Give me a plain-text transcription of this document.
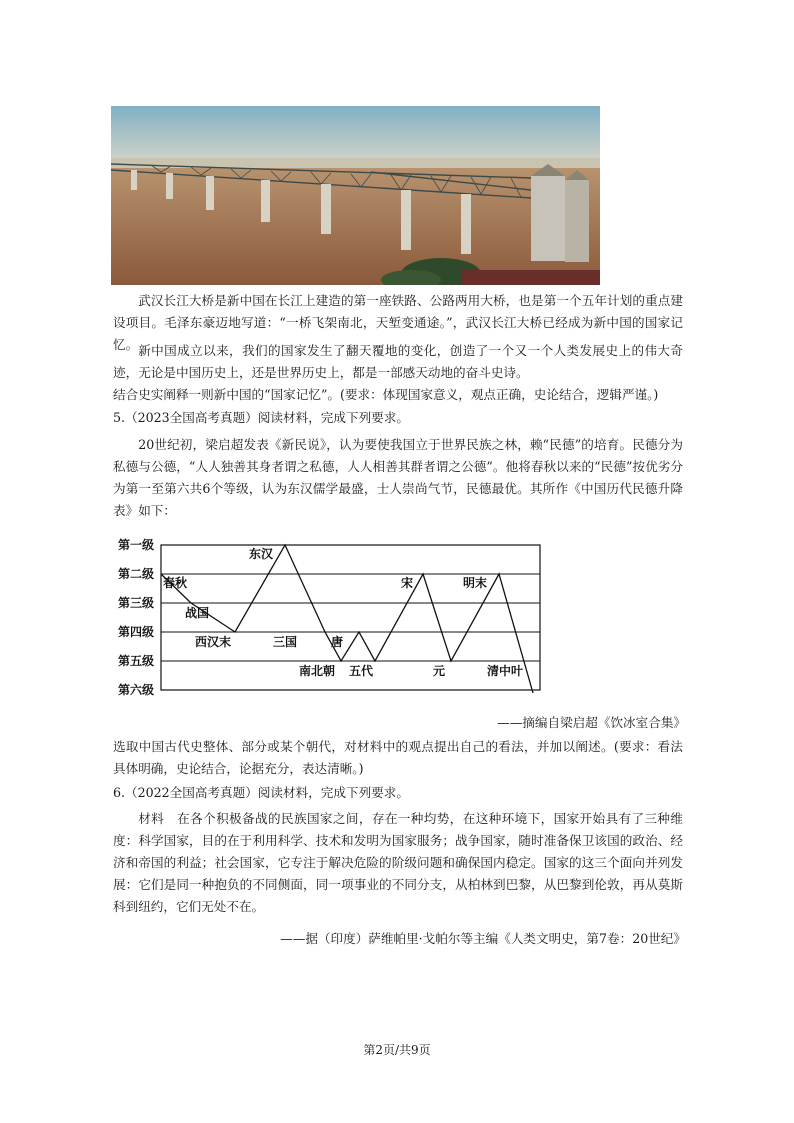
武汉长江大桥是新中国在长江上建造的第一座铁路、公路两用大桥，也是第一个五年计划的重点建设项目。毛泽东豪迈地写道：“一桥飞架南北，天堑变通途。”，武汉长江大桥已经成为新中国的国家记忆。 新中国成立以来，我们的国家发生了翻天覆地的变化，创造了一个又一个人类发展史上的伟大奇迹，无论是中国历史上，还是世界历史上，都是一部感天动地的奋斗史诗。

结合史实阐释一则新中国的“国家记忆”。(要求：体现国家意义，观点正确，史论结合，逻辑严谨。)

5.（2023全国高考真题）阅读材料，完成下列要求。

20世纪初，梁启超发表《新民说》，认为要使我国立于世界民族之林，赖“民德”的培育。民德分为私德与公德，“人人独善其身者谓之私德，人人相善其群者谓之公德”。他将春秋以来的“民德”按优劣分为第一至第六共6个等级，认为东汉儒学最盛，士人崇尚气节，民德最优。其所作《中国历代民德升降表》如下：

第一级
第二级
第三级
第四级
第五级
第六级
春秋
战国
西汉末
东汉
三国
南北朝
唐
五代
宋
元
明末
清中叶

——摘编自梁启超《饮冰室合集》

选取中国古代史整体、部分或某个朝代，对材料中的观点提出自己的看法，并加以阐述。(要求：看法具体明确，史论结合，论据充分，表达清晰。)

6.（2022全国高考真题）阅读材料，完成下列要求。

材料　在各个积极备战的民族国家之间，存在一种均势，在这种环境下，国家开始具有了三种维度：科学国家，目的在于利用科学、技术和发明为国家服务；战争国家，随时准备保卫该国的政治、经济和帝国的利益；社会国家，它专注于解决危险的阶级问题和确保国内稳定。国家的这三个面向并列发展：它们是同一种抱负的不同侧面，同一项事业的不同分支，从柏林到巴黎，从巴黎到伦敦，再从莫斯科到纽约，它们无处不在。

——据（印度）萨维帕里·戈帕尔等主编《人类文明史，第7卷：20世纪》

第2页/共9页
